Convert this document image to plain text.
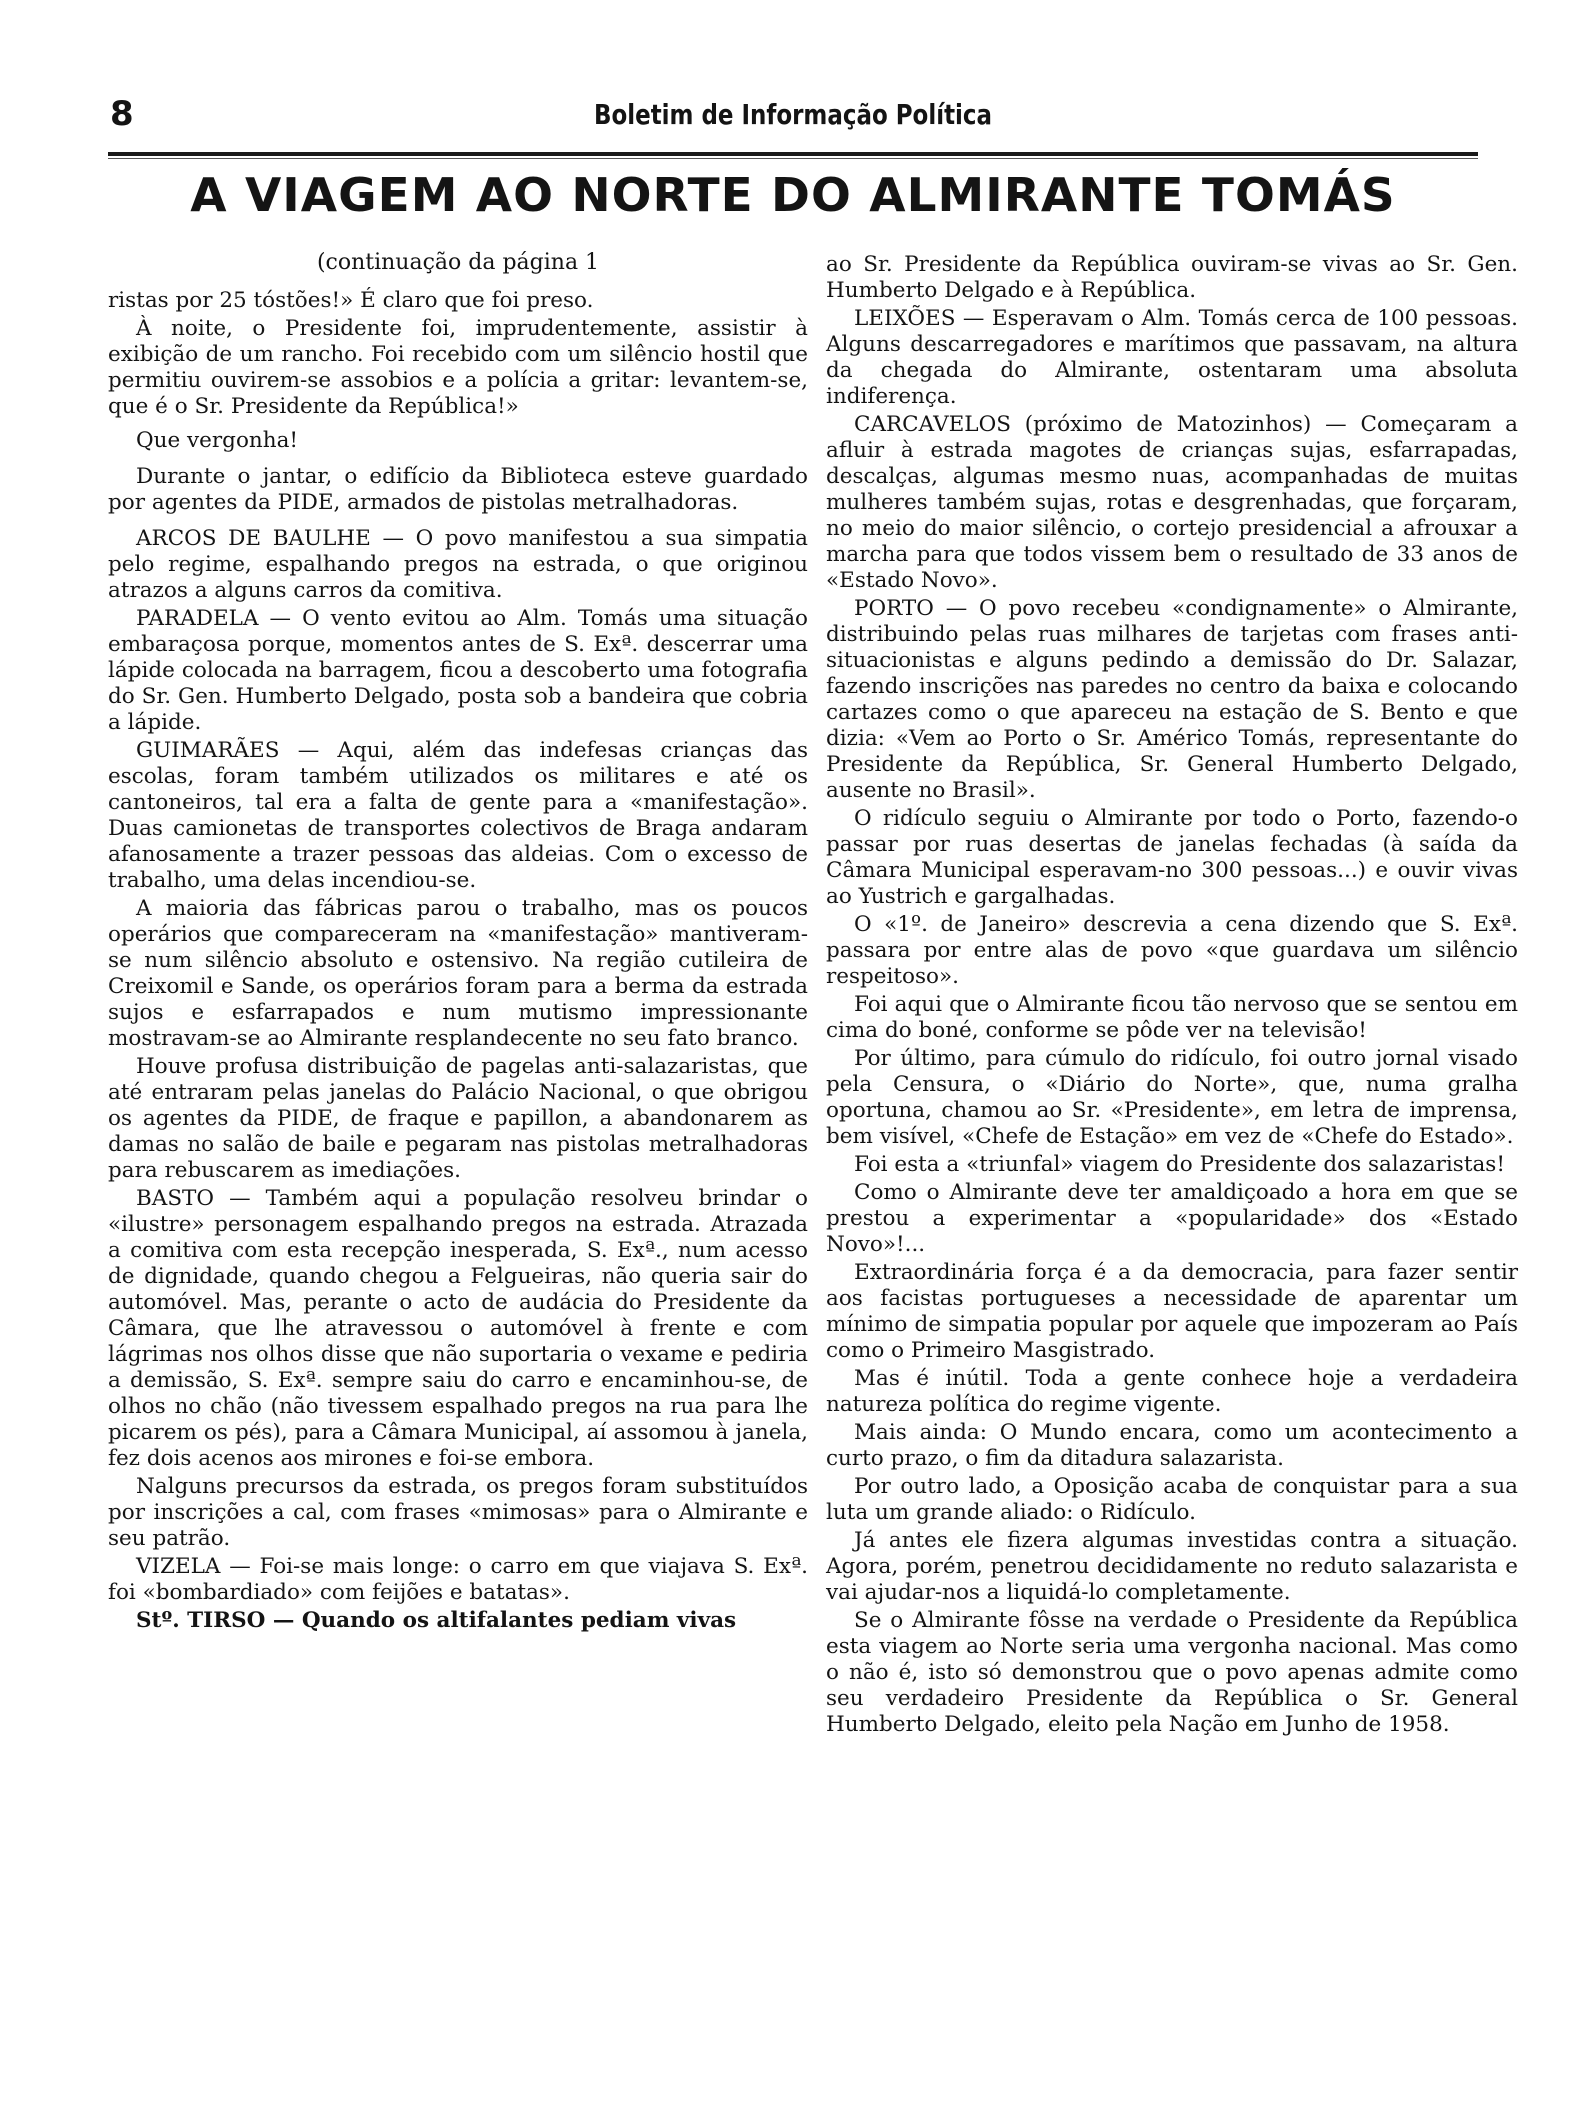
8	Boletim de Informação Política
A VIAGEM AO NORTE DO ALMIRANTE TOMÁS

(continuação da página 1

ristas por 25 tóstões!» É claro que foi preso.

À noite, o Presidente foi, imprudentemente, assistir à exibição de um rancho. Foi recebido com um silêncio hostil que permitiu ouvirem-se assobios e a polícia a gritar: levantem-se, que é o Sr. Presidente da República!»

Que vergonha!

Durante o jantar, o edifício da Biblioteca esteve guardado por agentes da PIDE, armados de pistolas metralhadoras.

ARCOS DE BAULHE — O povo manifestou a sua simpatia pelo regime, espalhando pregos na estrada, o que originou atrazos a alguns carros da comitiva.

PARADELA — O vento evitou ao Alm. Tomás uma situação embaraçosa porque, momentos antes de S. Exª. descerrar uma lápide colocada na barragem, ficou a descoberto uma fotografia do Sr. Gen. Humberto Delgado, posta sob a bandeira que cobria a lápide.

GUIMARÃES — Aqui, além das indefesas crianças das escolas, foram também utilizados os militares e até os cantoneiros, tal era a falta de gente para a «manifestação». Duas camionetas de transportes colectivos de Braga andaram afanosamente a trazer pessoas das aldeias. Com o excesso de trabalho, uma delas incendiou-se.

A maioria das fábricas parou o trabalho, mas os poucos operários que compareceram na «manifestação» mantiveram-se num silêncio absoluto e ostensivo. Na região cutileira de Creixomil e Sande, os operários foram para a berma da estrada sujos e esfarrapados e num mutismo impressionante mostravam-se ao Almirante resplandecente no seu fato branco.

Houve profusa distribuição de pagelas anti-salazaristas, que até entraram pelas janelas do Palácio Nacional, o que obrigou os agentes da PIDE, de fraque e papillon, a abandonarem as damas no salão de baile e pegaram nas pistolas metralhadoras para rebuscarem as imediações.

BASTO — Também aqui a população resolveu brindar o «ilustre» personagem espalhando pregos na estrada. Atrazada a comitiva com esta recepção inesperada, S. Exª., num acesso de dignidade, quando chegou a Felgueiras, não queria sair do automóvel. Mas, perante o acto de audácia do Presidente da Câmara, que lhe atravessou o automóvel à frente e com lágrimas nos olhos disse que não suportaria o vexame e pediria a demissão, S. Exª. sempre saiu do carro e encaminhou-se, de olhos no chão (não tivessem espalhado pregos na rua para lhe picarem os pés), para a Câmara Municipal, aí assomou à janela, fez dois acenos aos mirones e foi-se embora.

Nalguns precursos da estrada, os pregos foram substituídos por inscrições a cal, com frases «mimosas» para o Almirante e seu patrão.

VIZELA — Foi-se mais longe: o carro em que viajava S. Exª. foi «bombardiado» com feijões e batatas».

Stº. TIRSO — Quando os altifalantes pediam vivas

ao Sr. Presidente da República ouviram-se vivas ao Sr. Gen. Humberto Delgado e à República.

LEIXÕES — Esperavam o Alm. Tomás cerca de 100 pessoas. Alguns descarregadores e marítimos que passavam, na altura da chegada do Almirante, ostentaram uma absoluta indiferença.

CARCAVELOS (próximo de Matozinhos) — Começaram a afluir à estrada magotes de crianças sujas, esfarrapadas, descalças, algumas mesmo nuas, acompanhadas de muitas mulheres também sujas, rotas e desgrenhadas, que forçaram, no meio do maior silêncio, o cortejo presidencial a afrouxar a marcha para que todos vissem bem o resultado de 33 anos de «Estado Novo».

PORTO — O povo recebeu «condignamente» o Almirante, distribuindo pelas ruas milhares de tarjetas com frases anti-situacionistas e alguns pedindo a demissão do Dr. Salazar, fazendo inscrições nas paredes no centro da baixa e colocando cartazes como o que apareceu na estação de S. Bento e que dizia: «Vem ao Porto o Sr. Américo Tomás, representante do Presidente da República, Sr. General Humberto Delgado, ausente no Brasil».

O ridículo seguiu o Almirante por todo o Porto, fazendo-o passar por ruas desertas de janelas fechadas (à saída da Câmara Municipal esperavam-no 300 pessoas...) e ouvir vivas ao Yustrich e gargalhadas.

O «1º. de Janeiro» descrevia a cena dizendo que S. Exª. passara por entre alas de povo «que guardava um silêncio respeitoso».

Foi aqui que o Almirante ficou tão nervoso que se sentou em cima do boné, conforme se pôde ver na televisão!

Por último, para cúmulo do ridículo, foi outro jornal visado pela Censura, o «Diário do Norte», que, numa gralha oportuna, chamou ao Sr. «Presidente», em letra de imprensa, bem visível, «Chefe de Estação» em vez de «Chefe do Estado».

Foi esta a «triunfal» viagem do Presidente dos salazaristas!

Como o Almirante deve ter amaldiçoado a hora em que se prestou a experimentar a «popularidade» dos «Estado Novo»!...

Extraordinária força é a da democracia, para fazer sentir aos facistas portugueses a necessidade de aparentar um mínimo de simpatia popular por aquele que impozeram ao País como o Primeiro Masgistrado.

Mas é inútil. Toda a gente conhece hoje a verdadeira natureza política do regime vigente.

Mais ainda: O Mundo encara, como um acontecimento a curto prazo, o fim da ditadura salazarista.

Por outro lado, a Oposição acaba de conquistar para a sua luta um grande aliado: o Ridículo.

Já antes ele fizera algumas investidas contra a situação. Agora, porém, penetrou decididamente no reduto salazarista e vai ajudar-nos a liquidá-lo completamente.

Se o Almirante fôsse na verdade o Presidente da República esta viagem ao Norte seria uma vergonha nacional. Mas como o não é, isto só demonstrou que o povo apenas admite como seu verdadeiro Presidente da República o Sr. General Humberto Delgado, eleito pela Nação em Junho de 1958.
